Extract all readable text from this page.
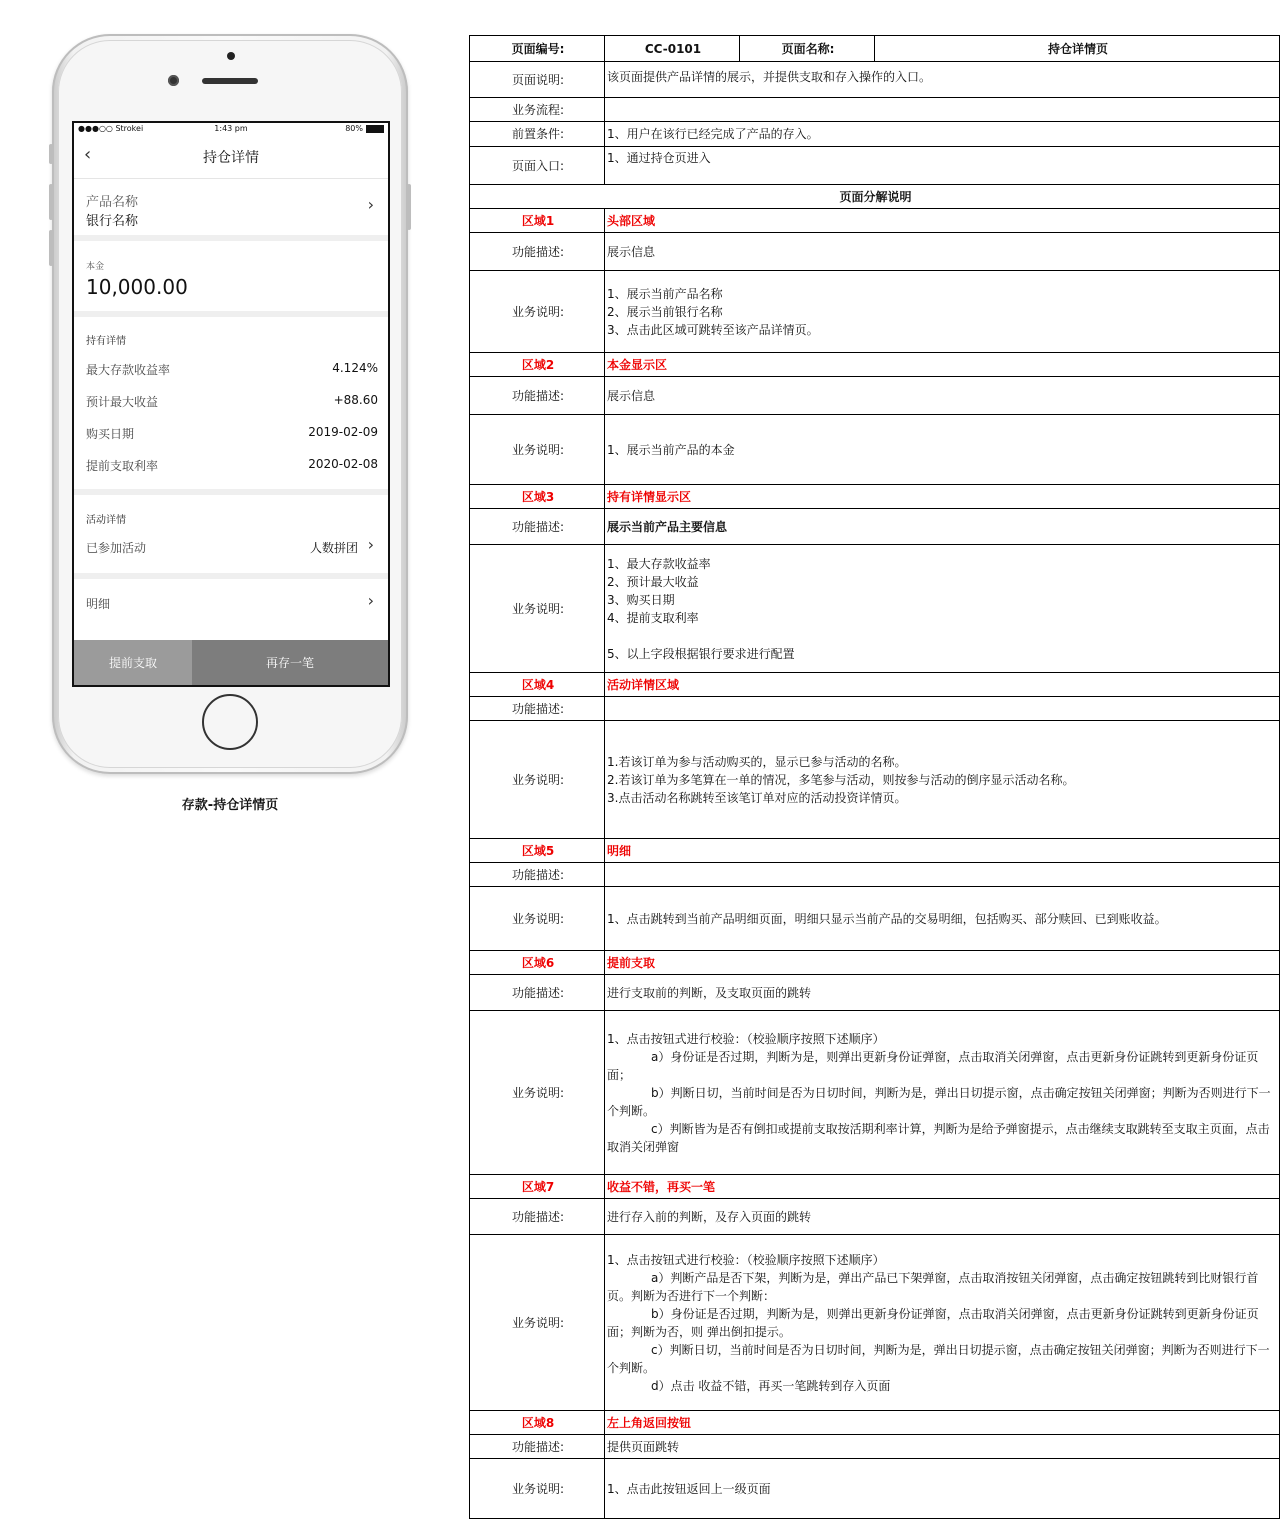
●●●○○ Strokei	1:43 pm	80%
‹	持仓详情
产品名称
银行名称
›
本金
10,000.00
持有详情
最大存款收益率	4.124%
预计最大收益	+88.60
购买日期	2019-02-09
提前支取利率	2020-02-08
活动详情
已参加活动	人数拼团 ›
明细	›
提前支取	再存一笔
存款-持仓详情页
页面编号:	CC-0101	页面名称:	持仓详情页
页面说明:	该页面提供产品详情的展示，并提供支取和存入操作的入口。		
业务流程:			
前置条件:	1、用户在该行已经完成了产品的存入。		
页面入口:	1、通过持仓页进入		
页面分解说明			
区域1	头部区域		
功能描述:	展示信息		
业务说明:	1、展示当前产品名称
2、展示当前银行名称
3、点击此区域可跳转至该产品详情页。		

区域2	本金显示区		
功能描述:	展示信息		
业务说明:	1、展示当前产品的本金		

区域3	持有详情显示区		
功能描述:	展示当前产品主要信息		
业务说明:	1、最大存款收益率
2、预计最大收益
3、购买日期
4、提前支取利率
5、以上字段根据银行要求进行配置		

区域4	活动详情区域		
功能描述:			
业务说明:	1.若该订单为参与活动购买的，显示已参与活动的名称。
2.若该订单为多笔算在一单的情况，多笔参与活动，则按参与活动的倒序显示活动名称。
3.点击活动名称跳转至该笔订单对应的活动投资详情页。		

区域5	明细		
功能描述:			
业务说明:	1、点击跳转到当前产品明细页面，明细只显示当前产品的交易明细，包括购买、部分赎回、已到账收益。		

区域6	提前支取		
功能描述:	进行支取前的判断，及支取页面的跳转		
业务说明:	1、点击按钮式进行校验：（校验顺序按照下述顺序）
a）身份证是否过期，判断为是，则弹出更新身份证弹窗，点击取消关闭弹窗，点击更新身份证跳转到更新身份证页面；
b）判断日切，当前时间是否为日切时间，判断为是，弹出日切提示窗，点击确定按钮关闭弹窗；判断为否则进行下一个判断。
c）判断皆为是否有倒扣或提前支取按活期利率计算，判断为是给予弹窗提示，点击继续支取跳转至支取主页面，点击取消关闭弹窗		

区域7	收益不错，再买一笔		
功能描述:	进行存入前的判断，及存入页面的跳转		
业务说明:	1、点击按钮式进行校验：（校验顺序按照下述顺序）
a）判断产品是否下架，判断为是，弹出产品已下架弹窗，点击取消按钮关闭弹窗，点击确定按钮跳转到比财银行首页。判断为否进行下一个判断：
b）身份证是否过期，判断为是，则弹出更新身份证弹窗，点击取消关闭弹窗，点击更新身份证跳转到更新身份证页面；判断为否，则 弹出倒扣提示。
c）判断日切，当前时间是否为日切时间，判断为是，弹出日切提示窗，点击确定按钮关闭弹窗；判断为否则进行下一个判断。
d）点击 收益不错，再买一笔跳转到存入页面		

区域8	左上角返回按钮		
功能描述:	提供页面跳转		
业务说明:	1、点击此按钮返回上一级页面		
